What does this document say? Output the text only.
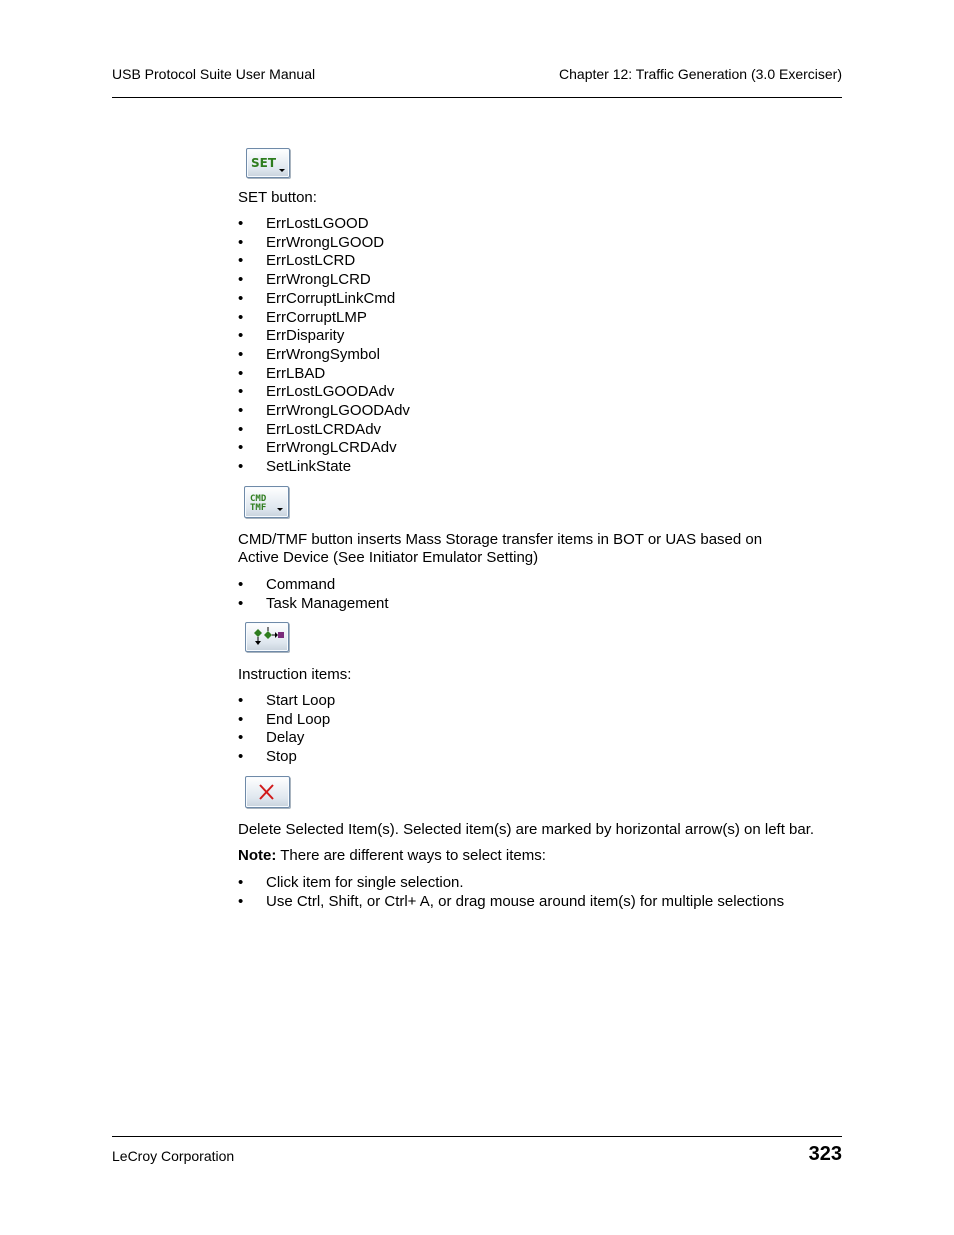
USB Protocol Suite User Manual	Chapter 12: Traffic Generation (3.0 Exerciser)
SET
SET button:
• ErrLostLGOOD
• ErrWrongLGOOD
• ErrLostLCRD
• ErrWrongLCRD
• ErrCorruptLinkCmd
• ErrCorruptLMP
• ErrDisparity
• ErrWrongSymbol
• ErrLBAD
• ErrLostLGOODAdv
• ErrWrongLGOODAdv
• ErrLostLCRDAdv
• ErrWrongLCRDAdv
• SetLinkState
CMD
TMF
CMD/TMF button inserts Mass Storage transfer items in BOT or UAS based on
Active Device (See Initiator Emulator Setting)
• Command
• Task Management
Instruction items:
• Start Loop
• End Loop
• Delay
• Stop
Delete Selected Item(s). Selected item(s) are marked by horizontal arrow(s) on left bar.
Note: There are different ways to select items:
• Click item for single selection.
• Use Ctrl, Shift, or Ctrl+ A, or drag mouse around item(s) for multiple selections
LeCroy Corporation	323
